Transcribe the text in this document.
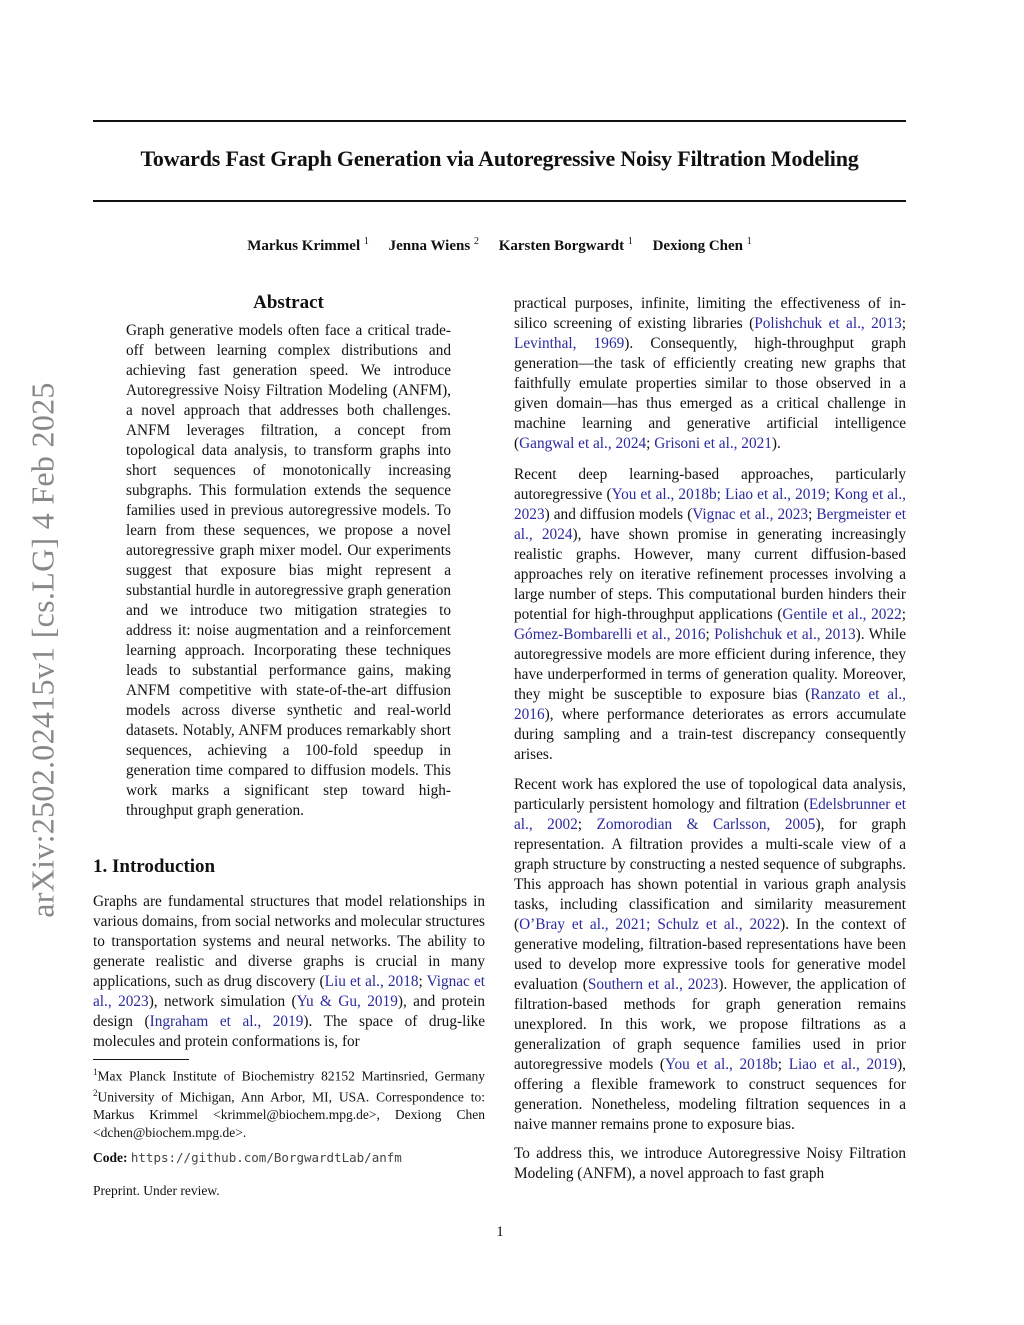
Towards Fast Graph Generation via Autoregressive Noisy Filtration Modeling
Markus Krimmel $^1$ Jenna Wiens $^2$ Karsten Borgwardt $^1$ Dexiong Chen $^1$
arXiv:2502.02415v1 [cs.LG] 4 Feb 2025
Abstract
Graph generative models often face a critical trade-off between learning complex distributions and achieving fast generation speed. We introduce Autoregressive Noisy Filtration Modeling (ANFM), a novel approach that addresses both challenges. ANFM leverages filtration, a concept from topological data analysis, to transform graphs into short sequences of monotonically increasing subgraphs. This formulation extends the sequence families used in previous autoregressive models. To learn from these sequences, we propose a novel autoregressive graph mixer model. Our experiments suggest that exposure bias might represent a substantial hurdle in autoregressive graph generation and we introduce two mitigation strategies to address it: noise augmentation and a reinforcement learning approach. Incorporating these techniques leads to substantial performance gains, making ANFM competitive with state-of-the-art diffusion models across diverse synthetic and real-world datasets. Notably, ANFM produces remarkably short sequences, achieving a 100-fold speedup in generation time compared to diffusion models. This work marks a significant step toward high-throughput graph generation.
1. Introduction
Graphs are fundamental structures that model relationships in various domains, from social networks and molecular structures to transportation systems and neural networks. The ability to generate realistic and diverse graphs is crucial in many applications, such as drug discovery (Liu et al., 2018; Vignac et al., 2023), network simulation (Yu & Gu, 2019), and protein design (Ingraham et al., 2019). The space of drug-like molecules and protein conformations is, for
practical purposes, infinite, limiting the effectiveness of in-silico screening of existing libraries (Polishchuk et al., 2013; Levinthal, 1969). Consequently, high-throughput graph generation—the task of efficiently creating new graphs that faithfully emulate properties similar to those observed in a given domain—has thus emerged as a critical challenge in machine learning and generative artificial intelligence (Gangwal et al., 2024; Grisoni et al., 2021).
Recent deep learning-based approaches, particularly autoregressive (You et al., 2018b; Liao et al., 2019; Kong et al., 2023) and diffusion models (Vignac et al., 2023; Bergmeister et al., 2024), have shown promise in generating increasingly realistic graphs. However, many current diffusion-based approaches rely on iterative refinement processes involving a large number of steps. This computational burden hinders their potential for high-throughput applications (Gentile et al., 2022; Gómez-Bombarelli et al., 2016; Polishchuk et al., 2013). While autoregressive models are more efficient during inference, they have underperformed in terms of generation quality. Moreover, they might be susceptible to exposure bias (Ranzato et al., 2016), where performance deteriorates as errors accumulate during sampling and a train-test discrepancy consequently arises.
Recent work has explored the use of topological data analysis, particularly persistent homology and filtration (Edelsbrunner et al., 2002; Zomorodian & Carlsson, 2005), for graph representation. A filtration provides a multi-scale view of a graph structure by constructing a nested sequence of subgraphs. This approach has shown potential in various graph analysis tasks, including classification and similarity measurement (O’Bray et al., 2021; Schulz et al., 2022). In the context of generative modeling, filtration-based representations have been used to develop more expressive tools for generative model evaluation (Southern et al., 2023). However, the application of filtration-based methods for graph generation remains unexplored. In this work, we propose filtrations as a generalization of graph sequence families used in prior autoregressive models (You et al., 2018b; Liao et al., 2019), offering a flexible framework to construct sequences for generation. Nonetheless, modeling filtration sequences in a naive manner remains prone to exposure bias.
To address this, we introduce Autoregressive Noisy Filtration Modeling (ANFM), a novel approach to fast graph
$^1$Max Planck Institute of Biochemistry 82152 Martinsried, Germany $^2$University of Michigan, Ann Arbor, MI, USA. Correspondence to: Markus Krimmel <krimmel@biochem.mpg.de>, Dexiong Chen <dchen@biochem.mpg.de>.
Code: https://github.com/BorgwardtLab/anfm
Preprint. Under review.
1
